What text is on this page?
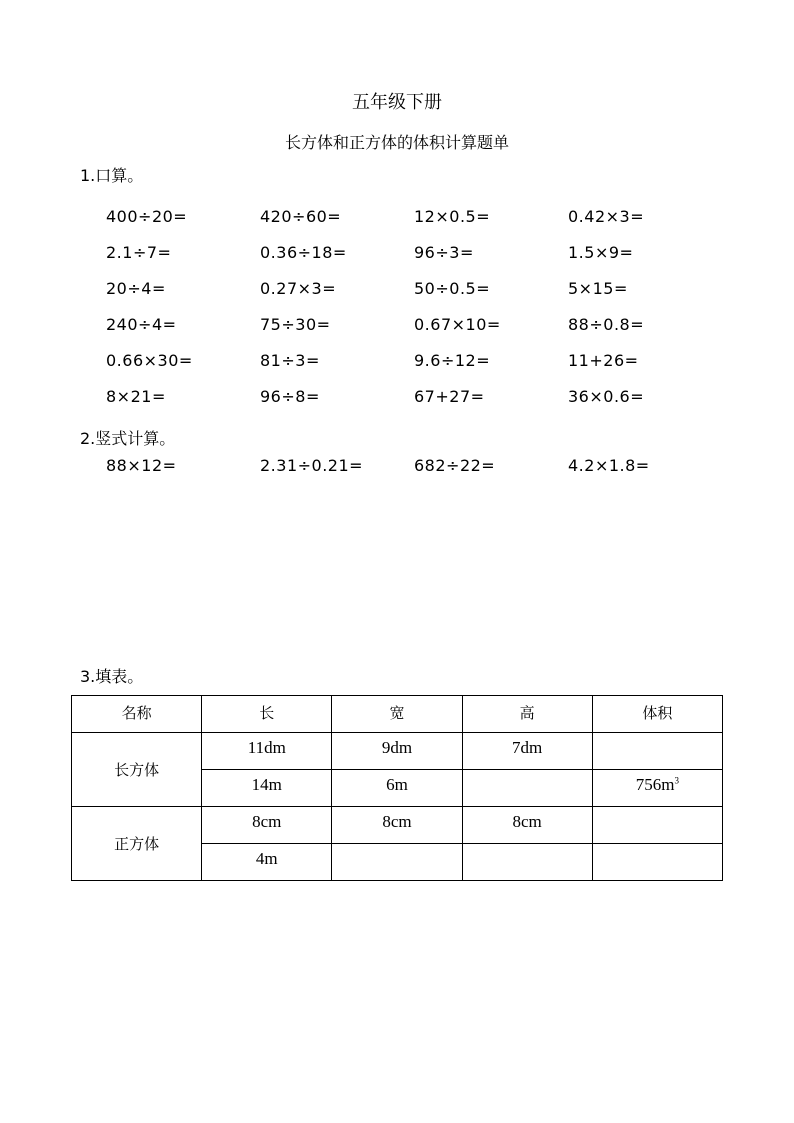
五年级下册
长方体和正方体的体积计算题单
1.口算。
400÷20=	420÷60=	12×0.5=	0.42×3=
2.1÷7=	0.36÷18=	96÷3=	1.5×9=
20÷4=	0.27×3=	50÷0.5=	5×15=
240÷4=	75÷30=	0.67×10=	88÷0.8=
0.66×30=	81÷3=	9.6÷12=	11+26=
8×21=	96÷8=	67+27=	36×0.6=
2.竖式计算。
88×12=	2.31÷0.21=	682÷22=	4.2×1.8=
3.填表。
名称	长	宽	高	体积
长方体	11dm	9dm	7dm	
	14m	6m		$756m^3$
正方体	8cm	8cm	8cm	
	4m			
